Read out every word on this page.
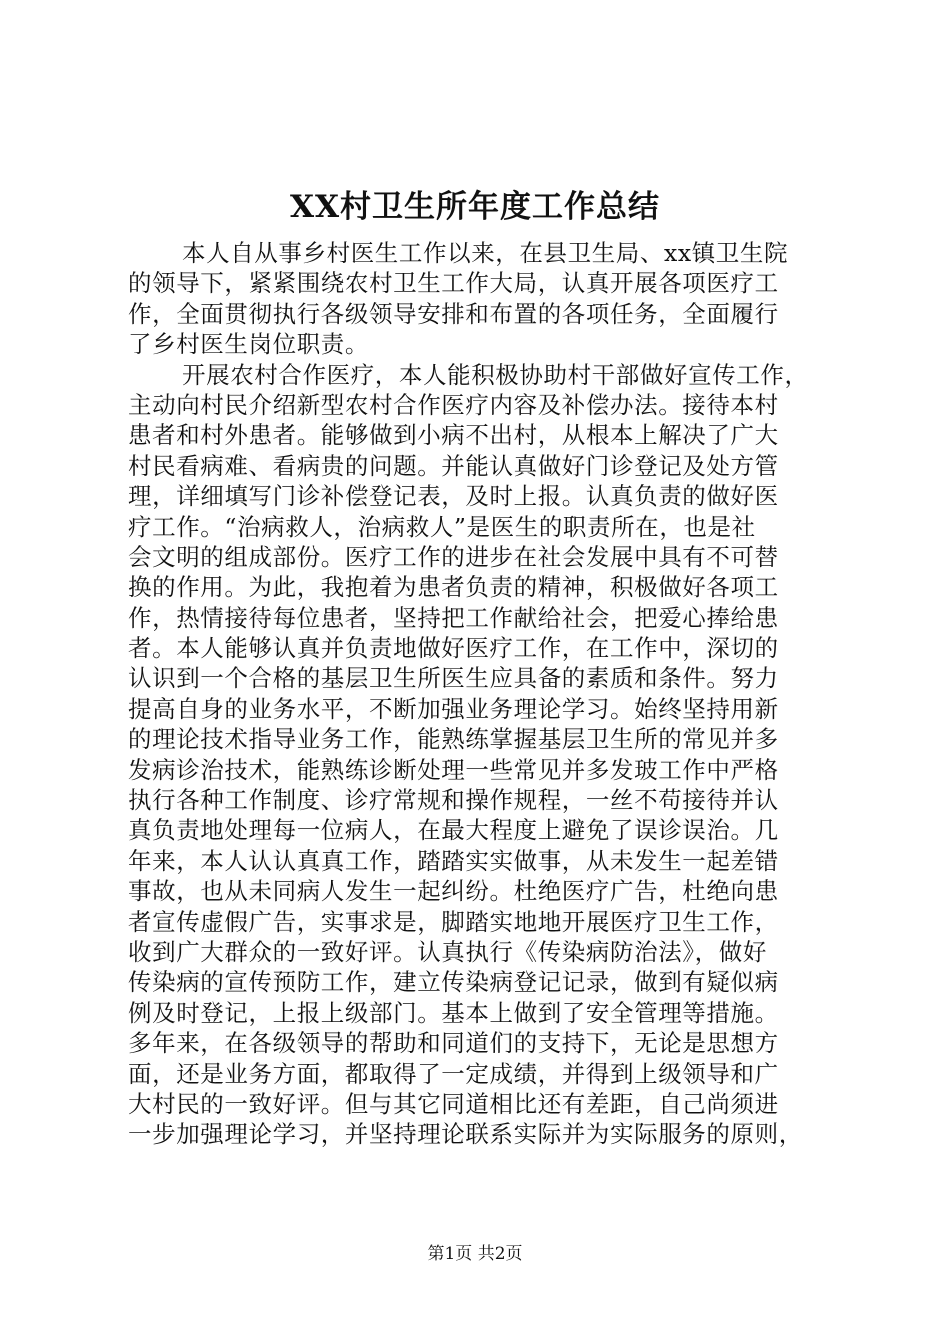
XX村卫生所年度工作总结
本人自从事乡村医生工作以来，在县卫生局、xx镇卫生院
的领导下，紧紧围绕农村卫生工作大局，认真开展各项医疗工
作，全面贯彻执行各级领导安排和布置的各项任务，全面履行
了乡村医生岗位职责。
开展农村合作医疗，本人能积极协助村干部做好宣传工作，
主动向村民介绍新型农村合作医疗内容及补偿办法。接待本村
患者和村外患者。能够做到小病不出村，从根本上解决了广大
村民看病难、看病贵的问题。并能认真做好门诊登记及处方管
理，详细填写门诊补偿登记表，及时上报。认真负责的做好医
疗工作。“治病救人，治病救人”是医生的职责所在，也是社
会文明的组成部份。医疗工作的进步在社会发展中具有不可替
换的作用。为此，我抱着为患者负责的精神，积极做好各项工
作，热情接待每位患者，坚持把工作献给社会，把爱心捧给患
者。本人能够认真并负责地做好医疗工作，在工作中，深切的
认识到一个合格的基层卫生所医生应具备的素质和条件。努力
提高自身的业务水平，不断加强业务理论学习。始终坚持用新
的理论技术指导业务工作，能熟练掌握基层卫生所的常见并多
发病诊治技术，能熟练诊断处理一些常见并多发玻工作中严格
执行各种工作制度、诊疗常规和操作规程，一丝不苟接待并认
真负责地处理每一位病人，在最大程度上避免了误诊误治。几
年来，本人认认真真工作，踏踏实实做事，从未发生一起差错
事故，也从未同病人发生一起纠纷。杜绝医疗广告，杜绝向患
者宣传虚假广告，实事求是，脚踏实地地开展医疗卫生工作，
收到广大群众的一致好评。认真执行《传染病防治法》，做好
传染病的宣传预防工作，建立传染病登记记录，做到有疑似病
例及时登记，上报上级部门。基本上做到了安全管理等措施。
多年来，在各级领导的帮助和同道们的支持下，无论是思想方
面，还是业务方面，都取得了一定成绩，并得到上级领导和广
大村民的一致好评。但与其它同道相比还有差距，自己尚须进
一步加强理论学习，并坚持理论联系实际并为实际服务的原则，
第1页 共2页
